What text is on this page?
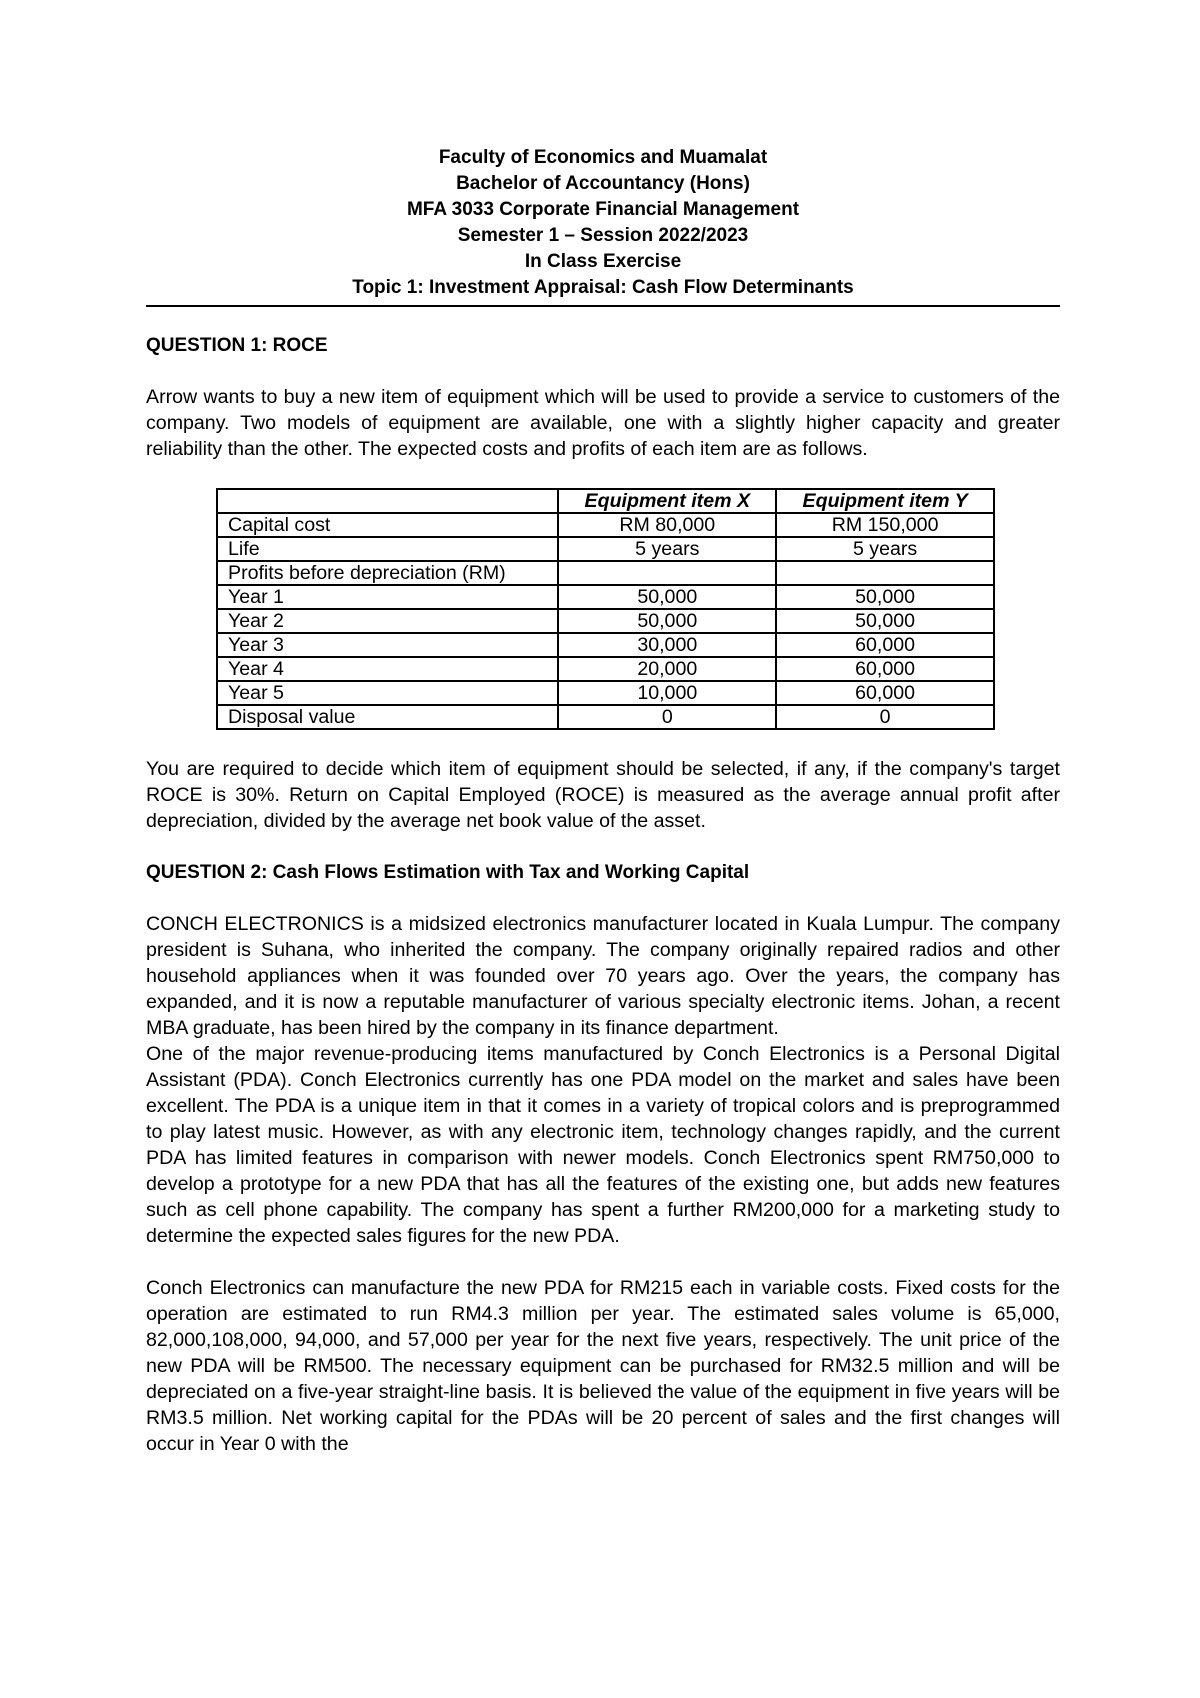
Faculty of Economics and Muamalat
Bachelor of Accountancy (Hons)
MFA 3033 Corporate Financial Management
Semester 1 – Session 2022/2023
In Class Exercise
Topic 1: Investment Appraisal: Cash Flow Determinants
QUESTION 1: ROCE

Arrow wants to buy a new item of equipment which will be used to provide a service to customers of the company. Two models of equipment are available, one with a slightly higher capacity and greater reliability than the other. The expected costs and profits of each item are as follows.

	Equipment item X	Equipment item Y
Capital cost	RM 80,000	RM 150,000
Life	5 years	5 years
Profits before depreciation (RM)		
Year 1	50,000	50,000
Year 2	50,000	50,000
Year 3	30,000	60,000
Year 4	20,000	60,000
Year 5	10,000	60,000
Disposal value	0	0

You are required to decide which item of equipment should be selected, if any, if the company's target ROCE is 30%. Return on Capital Employed (ROCE) is measured as the average annual profit after depreciation, divided by the average net book value of the asset.

QUESTION 2: Cash Flows Estimation with Tax and Working Capital

CONCH ELECTRONICS is a midsized electronics manufacturer located in Kuala Lumpur. The company president is Suhana, who inherited the company. The company originally repaired radios and other household appliances when it was founded over 70 years ago. Over the years, the company has expanded, and it is now a reputable manufacturer of various specialty electronic items. Johan, a recent MBA graduate, has been hired by the company in its finance department.

One of the major revenue-producing items manufactured by Conch Electronics is a Personal Digital Assistant (PDA). Conch Electronics currently has one PDA model on the market and sales have been excellent. The PDA is a unique item in that it comes in a variety of tropical colors and is preprogrammed to play latest music. However, as with any electronic item, technology changes rapidly, and the current PDA has limited features in comparison with newer models. Conch Electronics spent RM750,000 to develop a prototype for a new PDA that has all the features of the existing one, but adds new features such as cell phone capability. The company has spent a further RM200,000 for a marketing study to determine the expected sales figures for the new PDA.

Conch Electronics can manufacture the new PDA for RM215 each in variable costs. Fixed costs for the operation are estimated to run RM4.3 million per year. The estimated sales volume is 65,000, 82,000,108,000, 94,000, and 57,000 per year for the next five years, respectively. The unit price of the new PDA will be RM500. The necessary equipment can be purchased for RM32.5 million and will be depreciated on a five-year straight-line basis. It is believed the value of the equipment in five years will be RM3.5 million. Net working capital for the PDAs will be 20 percent of sales and the first changes will occur in Year 0 with the
